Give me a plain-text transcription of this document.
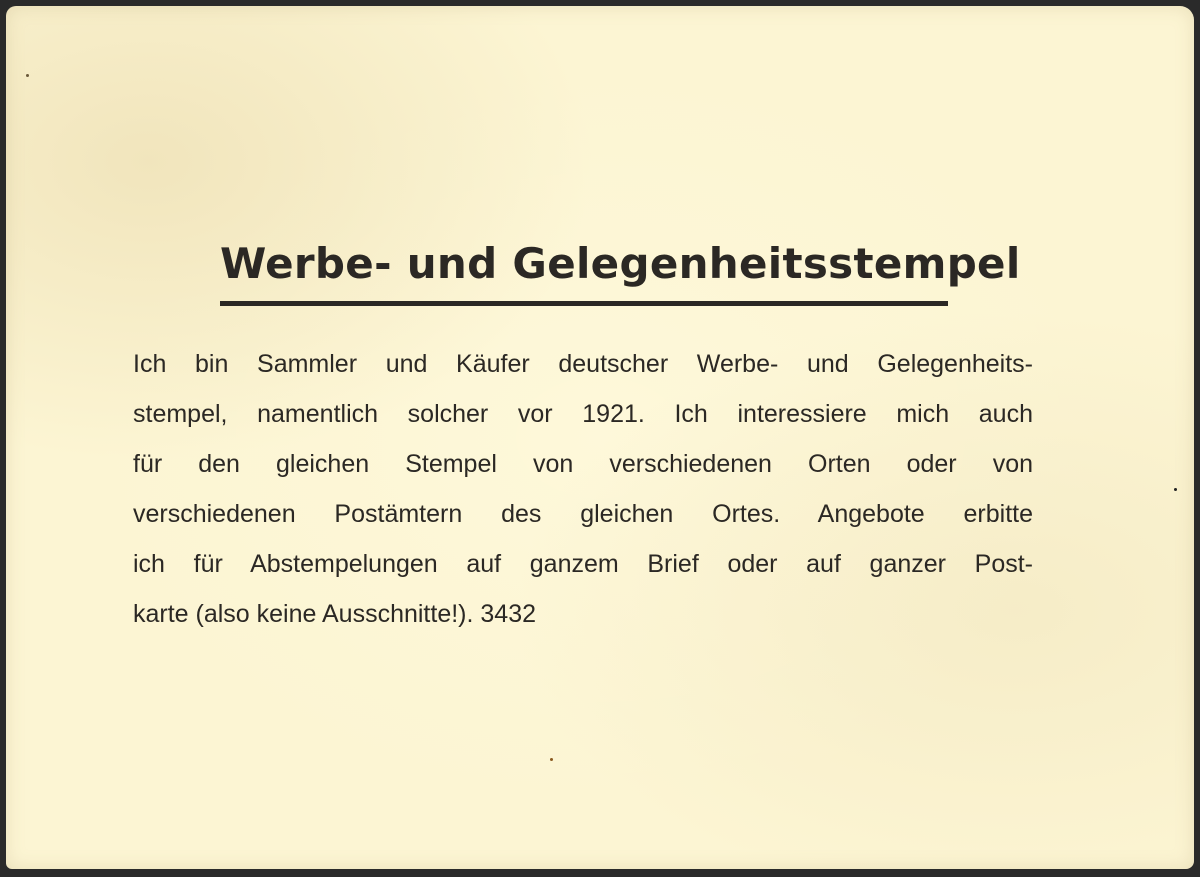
Werbe- und Gelegenheitsstempel
Ich bin Sammler und Käufer deutscher Werbe- und Gelegenheits-
stempel, namentlich solcher vor 1921. Ich interessiere mich auch
für den gleichen Stempel von verschiedenen Orten oder von
verschiedenen Postämtern des gleichen Ortes. Angebote erbitte
ich für Abstempelungen auf ganzem Brief oder auf ganzer Post-
karte (also keine Ausschnitte!). 3432
